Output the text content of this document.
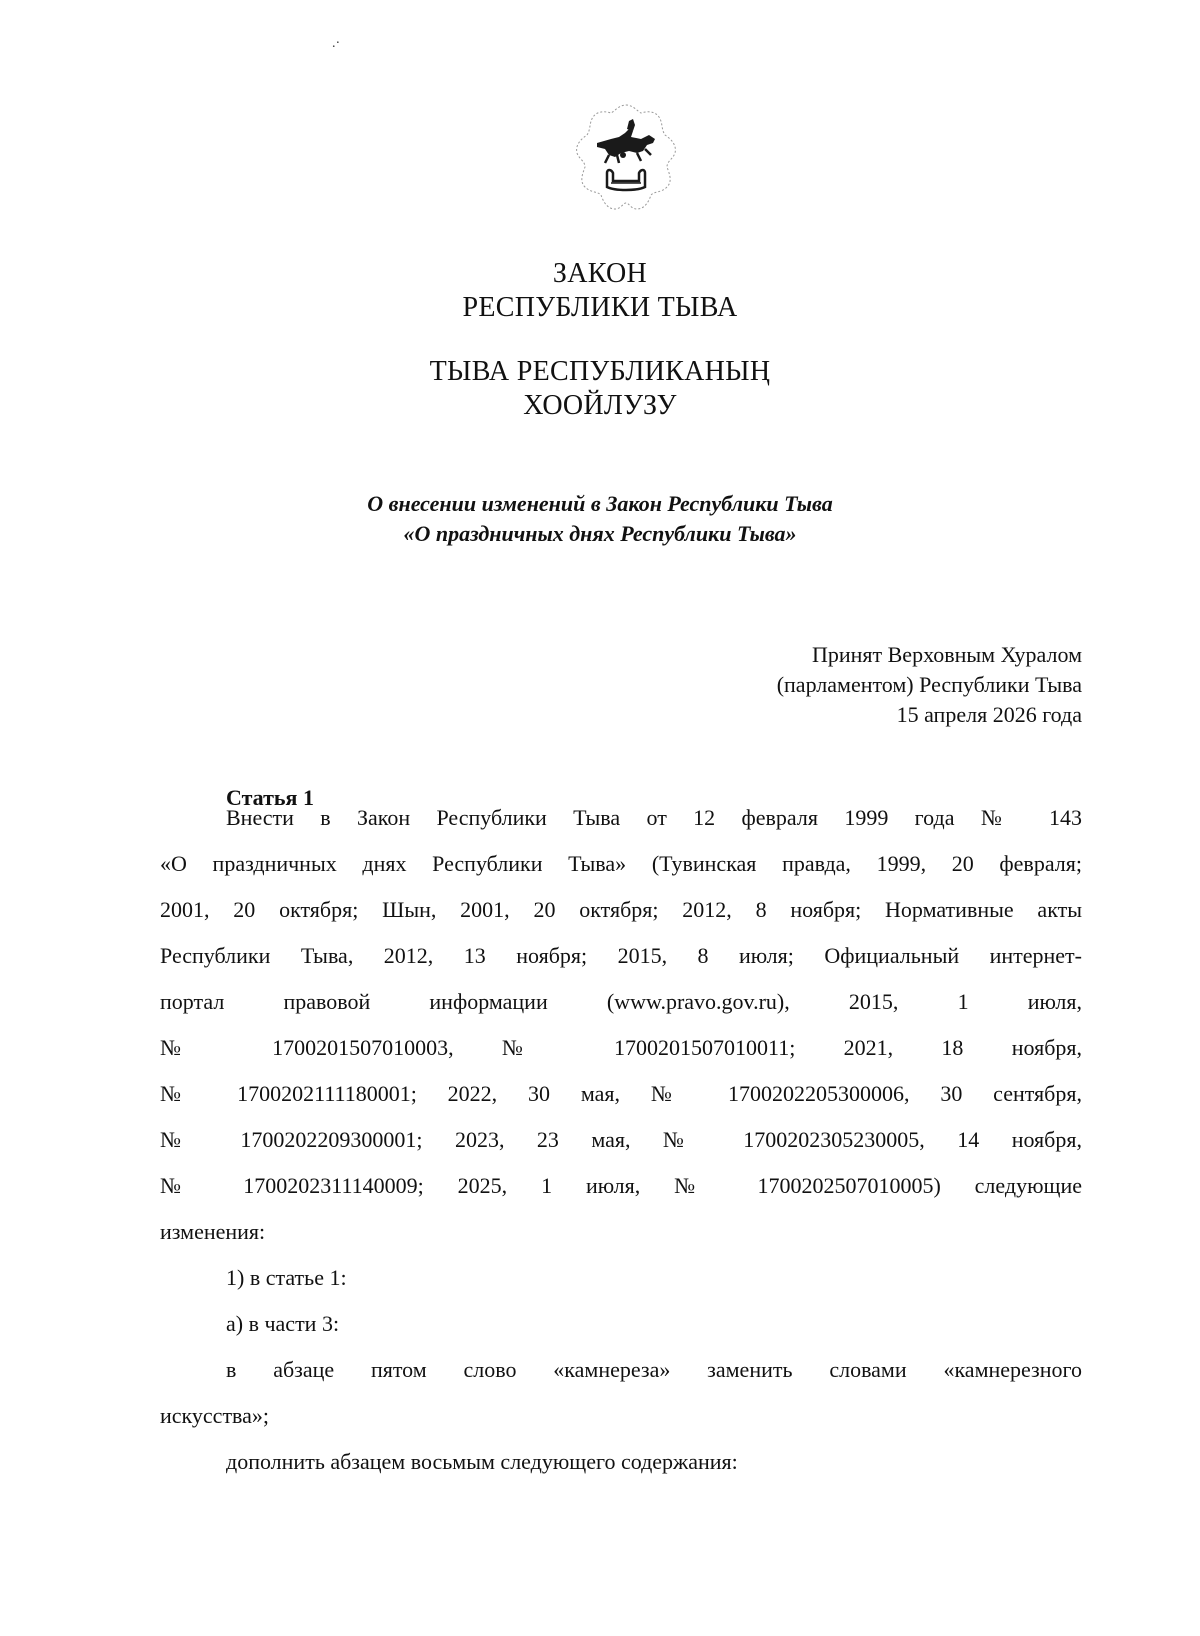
.·
ЗАКОН
РЕСПУБЛИКИ ТЫВА
ТЫВА РЕСПУБЛИКАНЫҢ
ХООЙЛУЗУ
О внесении изменений в Закон Республики Тыва
«О праздничных днях Республики Тыва»
Принят Верховным Хуралом
(парламентом) Республики Тыва
15 апреля 2026 года
Статья 1
Внести в Закон Республики Тыва от 12 февраля 1999 года № 143
«О праздничных днях Республики Тыва» (Тувинская правда, 1999, 20 февраля;
2001, 20 октября; Шын, 2001, 20 октября; 2012, 8 ноября; Нормативные акты
Республики Тыва, 2012, 13 ноября; 2015, 8 июля; Официальный интернет-
портал правовой информации (www.pravo.gov.ru), 2015, 1 июля,
№ 1700201507010003, № 1700201507010011; 2021, 18 ноября,
№ 1700202111180001; 2022, 30 мая, № 1700202205300006, 30 сентября,
№ 1700202209300001; 2023, 23 мая, № 1700202305230005, 14 ноября,
№ 1700202311140009; 2025, 1 июля, № 1700202507010005) следующие
изменения:
1) в статье 1:
а) в части 3:
в абзаце пятом слово «камнереза» заменить словами «камнерезного
искусства»;
дополнить абзацем восьмым следующего содержания:
